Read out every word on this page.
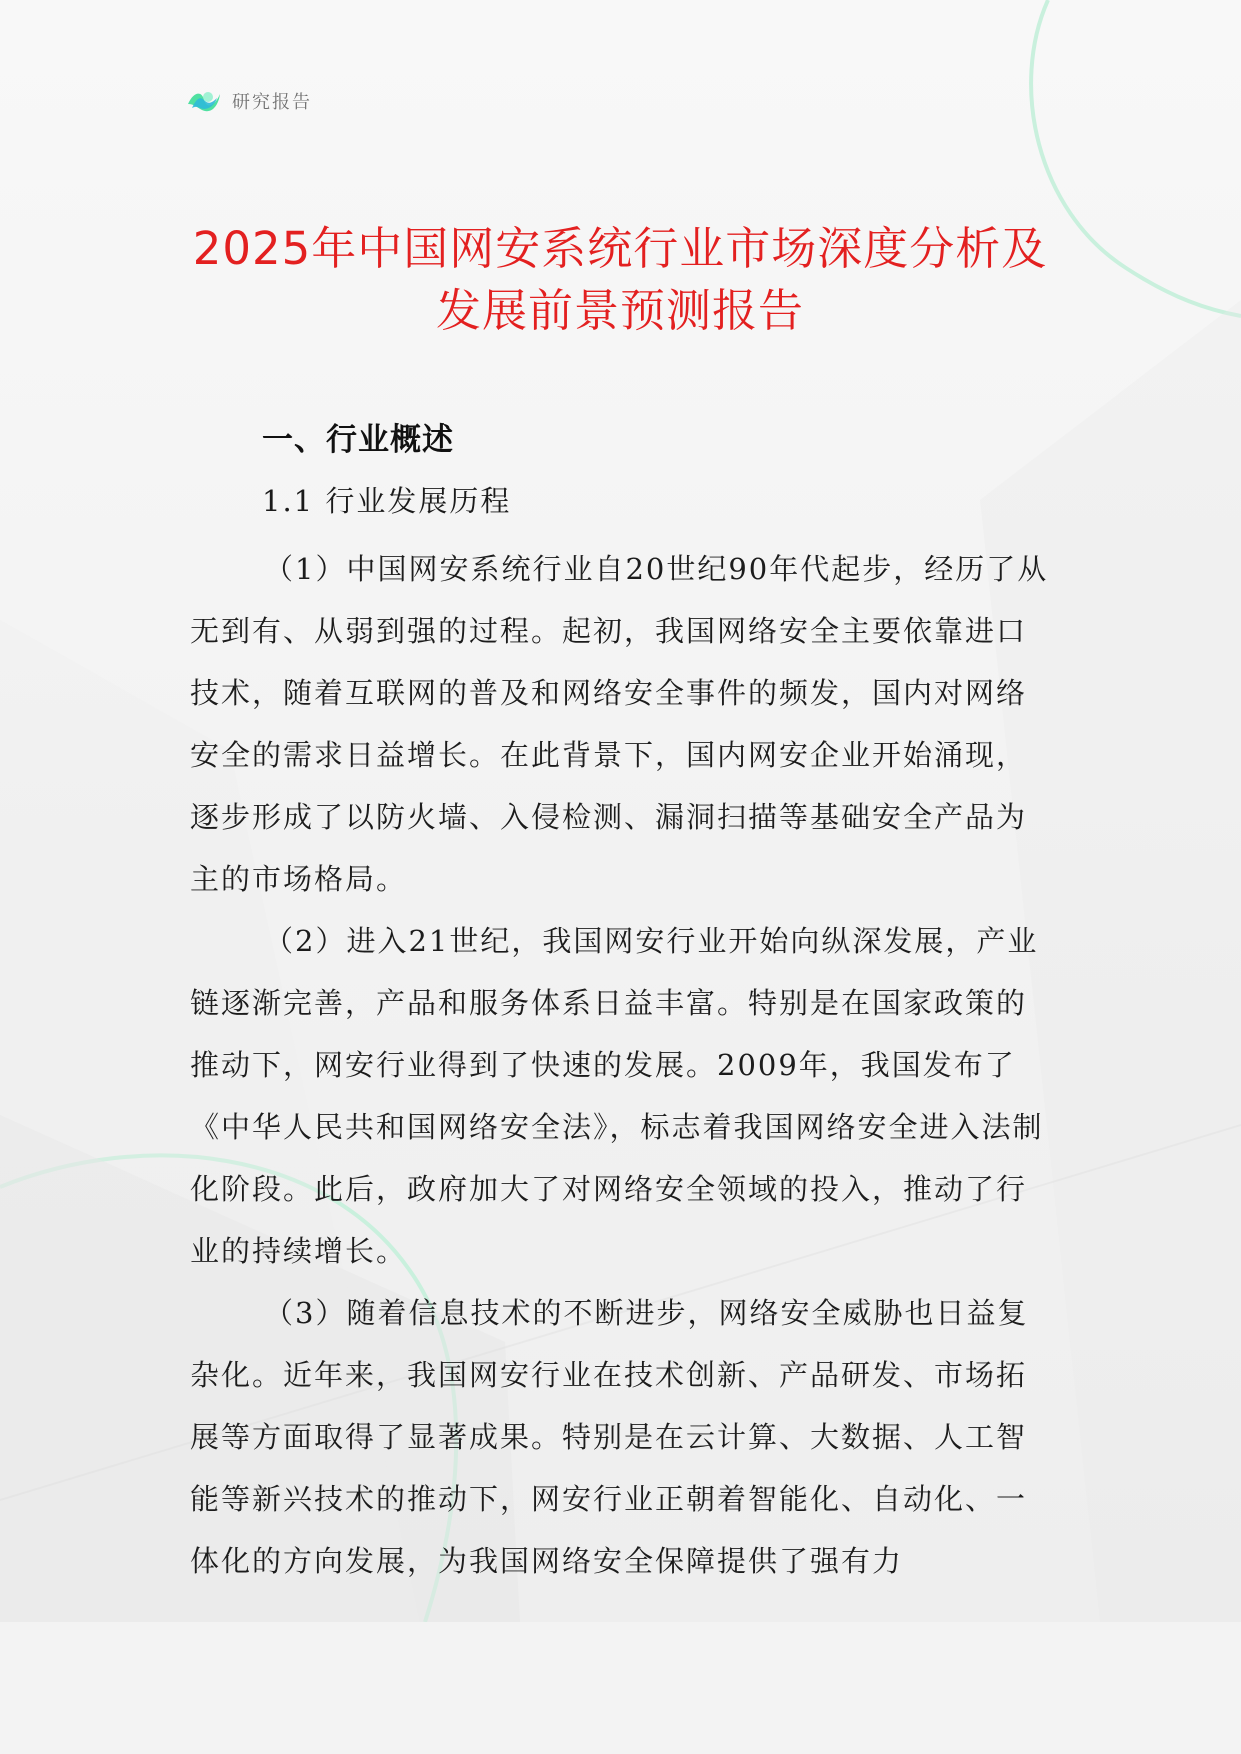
研究报告
2025年中国网安系统行业市场深度分析及
发展前景预测报告
一、行业概述
1.1 行业发展历程

（1）中国网安系统行业自20世纪90年代起步，经历了从无到有、从弱到强的过程。起初，我国网络安全主要依靠进口技术，随着互联网的普及和网络安全事件的频发，国内对网络安全的需求日益增长。在此背景下，国内网安企业开始涌现，逐步形成了以防火墙、入侵检测、漏洞扫描等基础安全产品为主的市场格局。

（2）进入21世纪，我国网安行业开始向纵深发展，产业链逐渐完善，产品和服务体系日益丰富。特别是在国家政策的推动下，网安行业得到了快速的发展。2009年，我国发布了《中华人民共和国网络安全法》，标志着我国网络安全进入法制化阶段。此后，政府加大了对网络安全领域的投入，推动了行业的持续增长。

（3）随着信息技术的不断进步，网络安全威胁也日益复杂化。近年来，我国网安行业在技术创新、产品研发、市场拓展等方面取得了显著成果。特别是在云计算、大数据、人工智能等新兴技术的推动下，网安行业正朝着智能化、自动化、一体化的方向发展，为我国网络安全保障提供了强有力
